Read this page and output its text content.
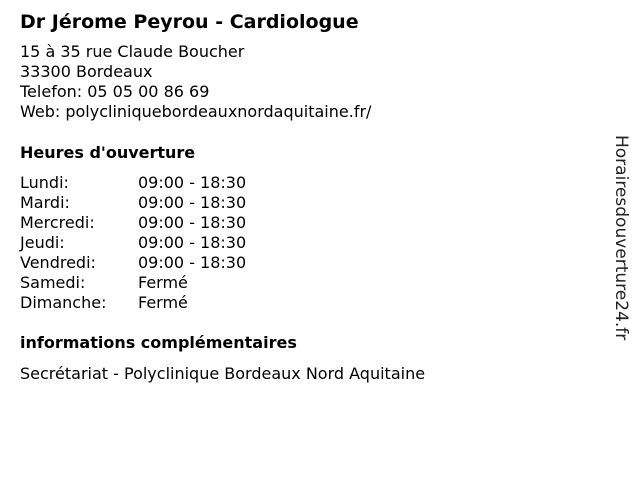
Dr Jérome Peyrou - Cardiologue
15 à 35 rue Claude Boucher
33300 Bordeaux
Telefon: 05 05 00 86 69
Web: polycliniquebordeauxnordaquitaine.fr/
Heures d'ouverture
Lundi:	09:00 - 18:30
Mardi:	09:00 - 18:30
Mercredi:	09:00 - 18:30
Jeudi:	09:00 - 18:30
Vendredi:	09:00 - 18:30
Samedi:	Fermé
Dimanche: Fermé
informations complémentaires
Secrétariat - Polyclinique Bordeaux Nord Aquitaine
Horairesdouverture24.fr
